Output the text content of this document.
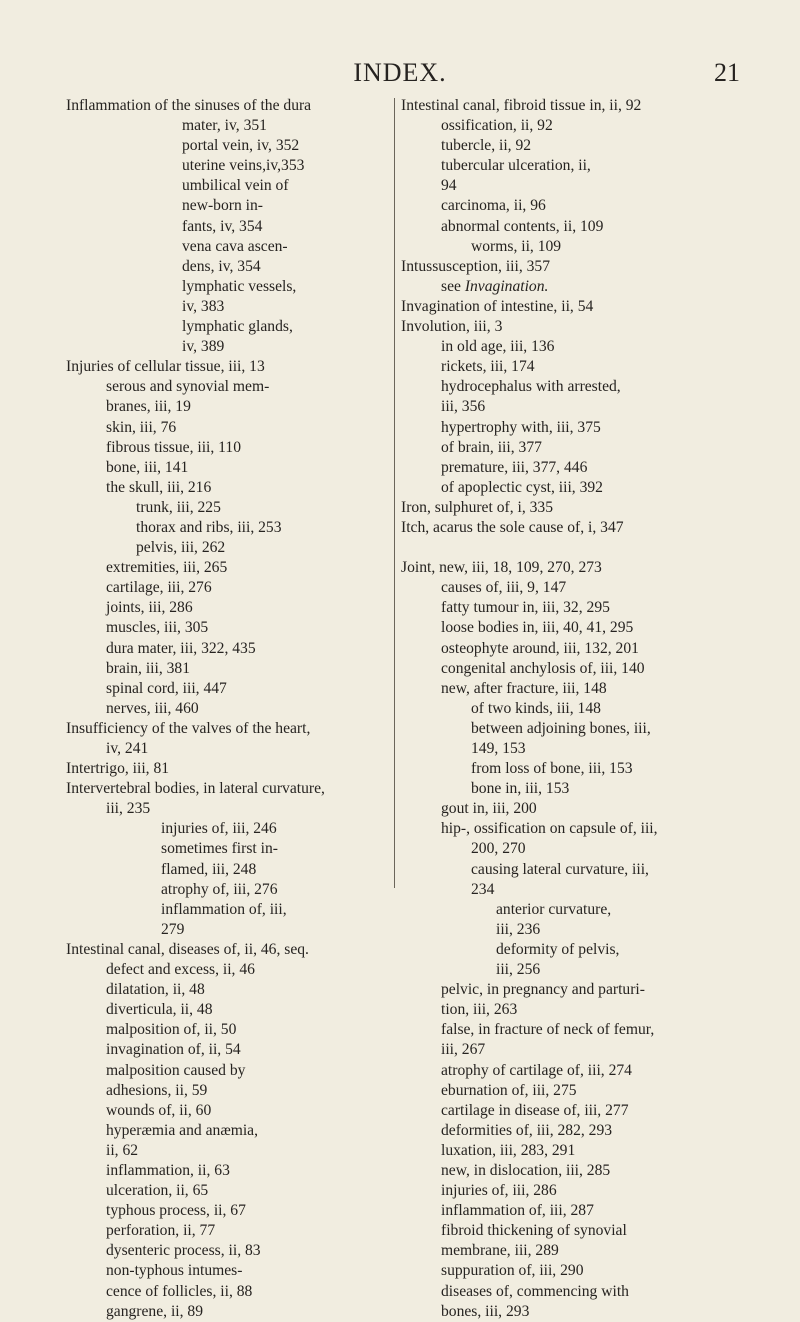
INDEX.	21
Inflammation of the sinuses of the dura
mater, iv, 351
portal vein, iv, 352
uterine veins,iv,353
umbilical vein of
new-born in-
fants, iv, 354
vena cava ascen-
dens, iv, 354
lymphatic vessels,
iv, 383
lymphatic glands,
iv, 389
Injuries of cellular tissue, iii, 13
serous and synovial mem-
branes, iii, 19
skin, iii, 76
fibrous tissue, iii, 110
bone, iii, 141
the skull, iii, 216
trunk, iii, 225
thorax and ribs, iii, 253
pelvis, iii, 262
extremities, iii, 265
cartilage, iii, 276
joints, iii, 286
muscles, iii, 305
dura mater, iii, 322, 435
brain, iii, 381
spinal cord, iii, 447
nerves, iii, 460
Insufficiency of the valves of the heart,
iv, 241
Intertrigo, iii, 81
Intervertebral bodies, in lateral curvature,
iii, 235
injuries of, iii, 246
sometimes first in-
flamed, iii, 248
atrophy of, iii, 276
inflammation of, iii,
279
Intestinal canal, diseases of, ii, 46, seq.
defect and excess, ii, 46
dilatation, ii, 48
diverticula, ii, 48
malposition of, ii, 50
invagination of, ii, 54
malposition caused by
adhesions, ii, 59
wounds of, ii, 60
hyperæmia and anæmia,
ii, 62
inflammation, ii, 63
ulceration, ii, 65
typhous process, ii, 67
perforation, ii, 77
dysenteric process, ii, 83
non-typhous intumes-
cence of follicles, ii, 88
gangrene, ii, 89
Intestinal canal, fibroid tissue in, ii, 92
ossification, ii, 92
tubercle, ii, 92
tubercular ulceration, ii,
94
carcinoma, ii, 96
abnormal contents, ii, 109
worms, ii, 109
Intussusception, iii, 357
see Invagination.
Invagination of intestine, ii, 54
Involution, iii, 3
in old age, iii, 136
rickets, iii, 174
hydrocephalus with arrested,
iii, 356
hypertrophy with, iii, 375
of brain, iii, 377
premature, iii, 377, 446
of apoplectic cyst, iii, 392
Iron, sulphuret of, i, 335
Itch, acarus the sole cause of, i, 347
Joint, new, iii, 18, 109, 270, 273
causes of, iii, 9, 147
fatty tumour in, iii, 32, 295
loose bodies in, iii, 40, 41, 295
osteophyte around, iii, 132, 201
congenital anchylosis of, iii, 140
new, after fracture, iii, 148
of two kinds, iii, 148
between adjoining bones, iii,
149, 153
from loss of bone, iii, 153
bone in, iii, 153
gout in, iii, 200
hip-, ossification on capsule of, iii,
200, 270
causing lateral curvature, iii,
234
anterior curvature,
iii, 236
deformity of pelvis,
iii, 256
pelvic, in pregnancy and parturi-
tion, iii, 263
false, in fracture of neck of femur,
iii, 267
atrophy of cartilage of, iii, 274
eburnation of, iii, 275
cartilage in disease of, iii, 277
deformities of, iii, 282, 293
luxation, iii, 283, 291
new, in dislocation, iii, 285
injuries of, iii, 286
inflammation of, iii, 287
fibroid thickening of synovial
membrane, iii, 289
suppuration of, iii, 290
diseases of, commencing with
bones, iii, 293
